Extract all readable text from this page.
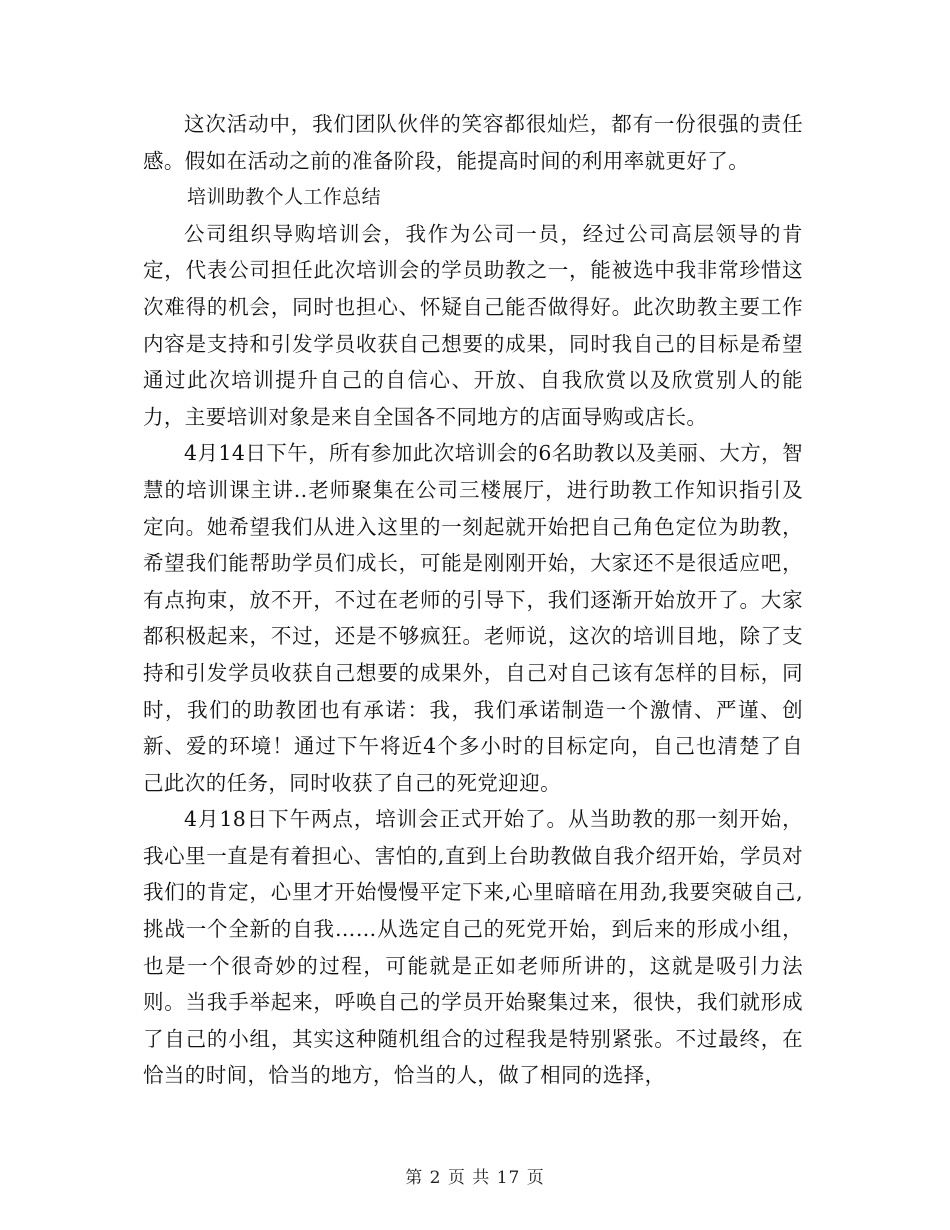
这次活动中，我们团队伙伴的笑容都很灿烂，都有一份很强的责任感。假如在活动之前的准备阶段，能提高时间的利用率就更好了。

培训助教个人工作总结

公司组织导购培训会，我作为公司一员，经过公司高层领导的肯定，代表公司担任此次培训会的学员助教之一，能被选中我非常珍惜这次难得的机会，同时也担心、怀疑自己能否做得好。此次助教主要工作内容是支持和引发学员收获自己想要的成果，同时我自己的目标是希望通过此次培训提升自己的自信心、开放、自我欣赏以及欣赏别人的能力，主要培训对象是来自全国各不同地方的店面导购或店长。

4月14日下午，所有参加此次培训会的6名助教以及美丽、大方，智慧的培训课主讲..老师聚集在公司三楼展厅，进行助教工作知识指引及定向。她希望我们从进入这里的一刻起就开始把自己角色定位为助教，希望我们能帮助学员们成长，可能是刚刚开始，大家还不是很适应吧，有点拘束，放不开，不过在老师的引导下，我们逐渐开始放开了。大家都积极起来，不过，还是不够疯狂。老师说，这次的培训目地，除了支持和引发学员收获自己想要的成果外，自己对自己该有怎样的目标，同时，我们的助教团也有承诺：我，我们承诺制造一个激情、严谨、创新、爱的环境！通过下午将近4个多小时的目标定向，自己也清楚了自己此次的任务，同时收获了自己的死党迎迎。

4月18日下午两点，培训会正式开始了。从当助教的那一刻开始，我心里一直是有着担心、害怕的,直到上台助教做自我介绍开始，学员对我们的肯定，心里才开始慢慢平定下来,心里暗暗在用劲,我要突破自己,挑战一个全新的自我……从选定自己的死党开始，到后来的形成小组，也是一个很奇妙的过程，可能就是正如老师所讲的，这就是吸引力法则。当我手举起来，呼唤自己的学员开始聚集过来，很快，我们就形成了自己的小组，其实这种随机组合的过程我是特别紧张。不过最终，在恰当的时间，恰当的地方，恰当的人，做了相同的选择，

第 2 页 共 17 页
